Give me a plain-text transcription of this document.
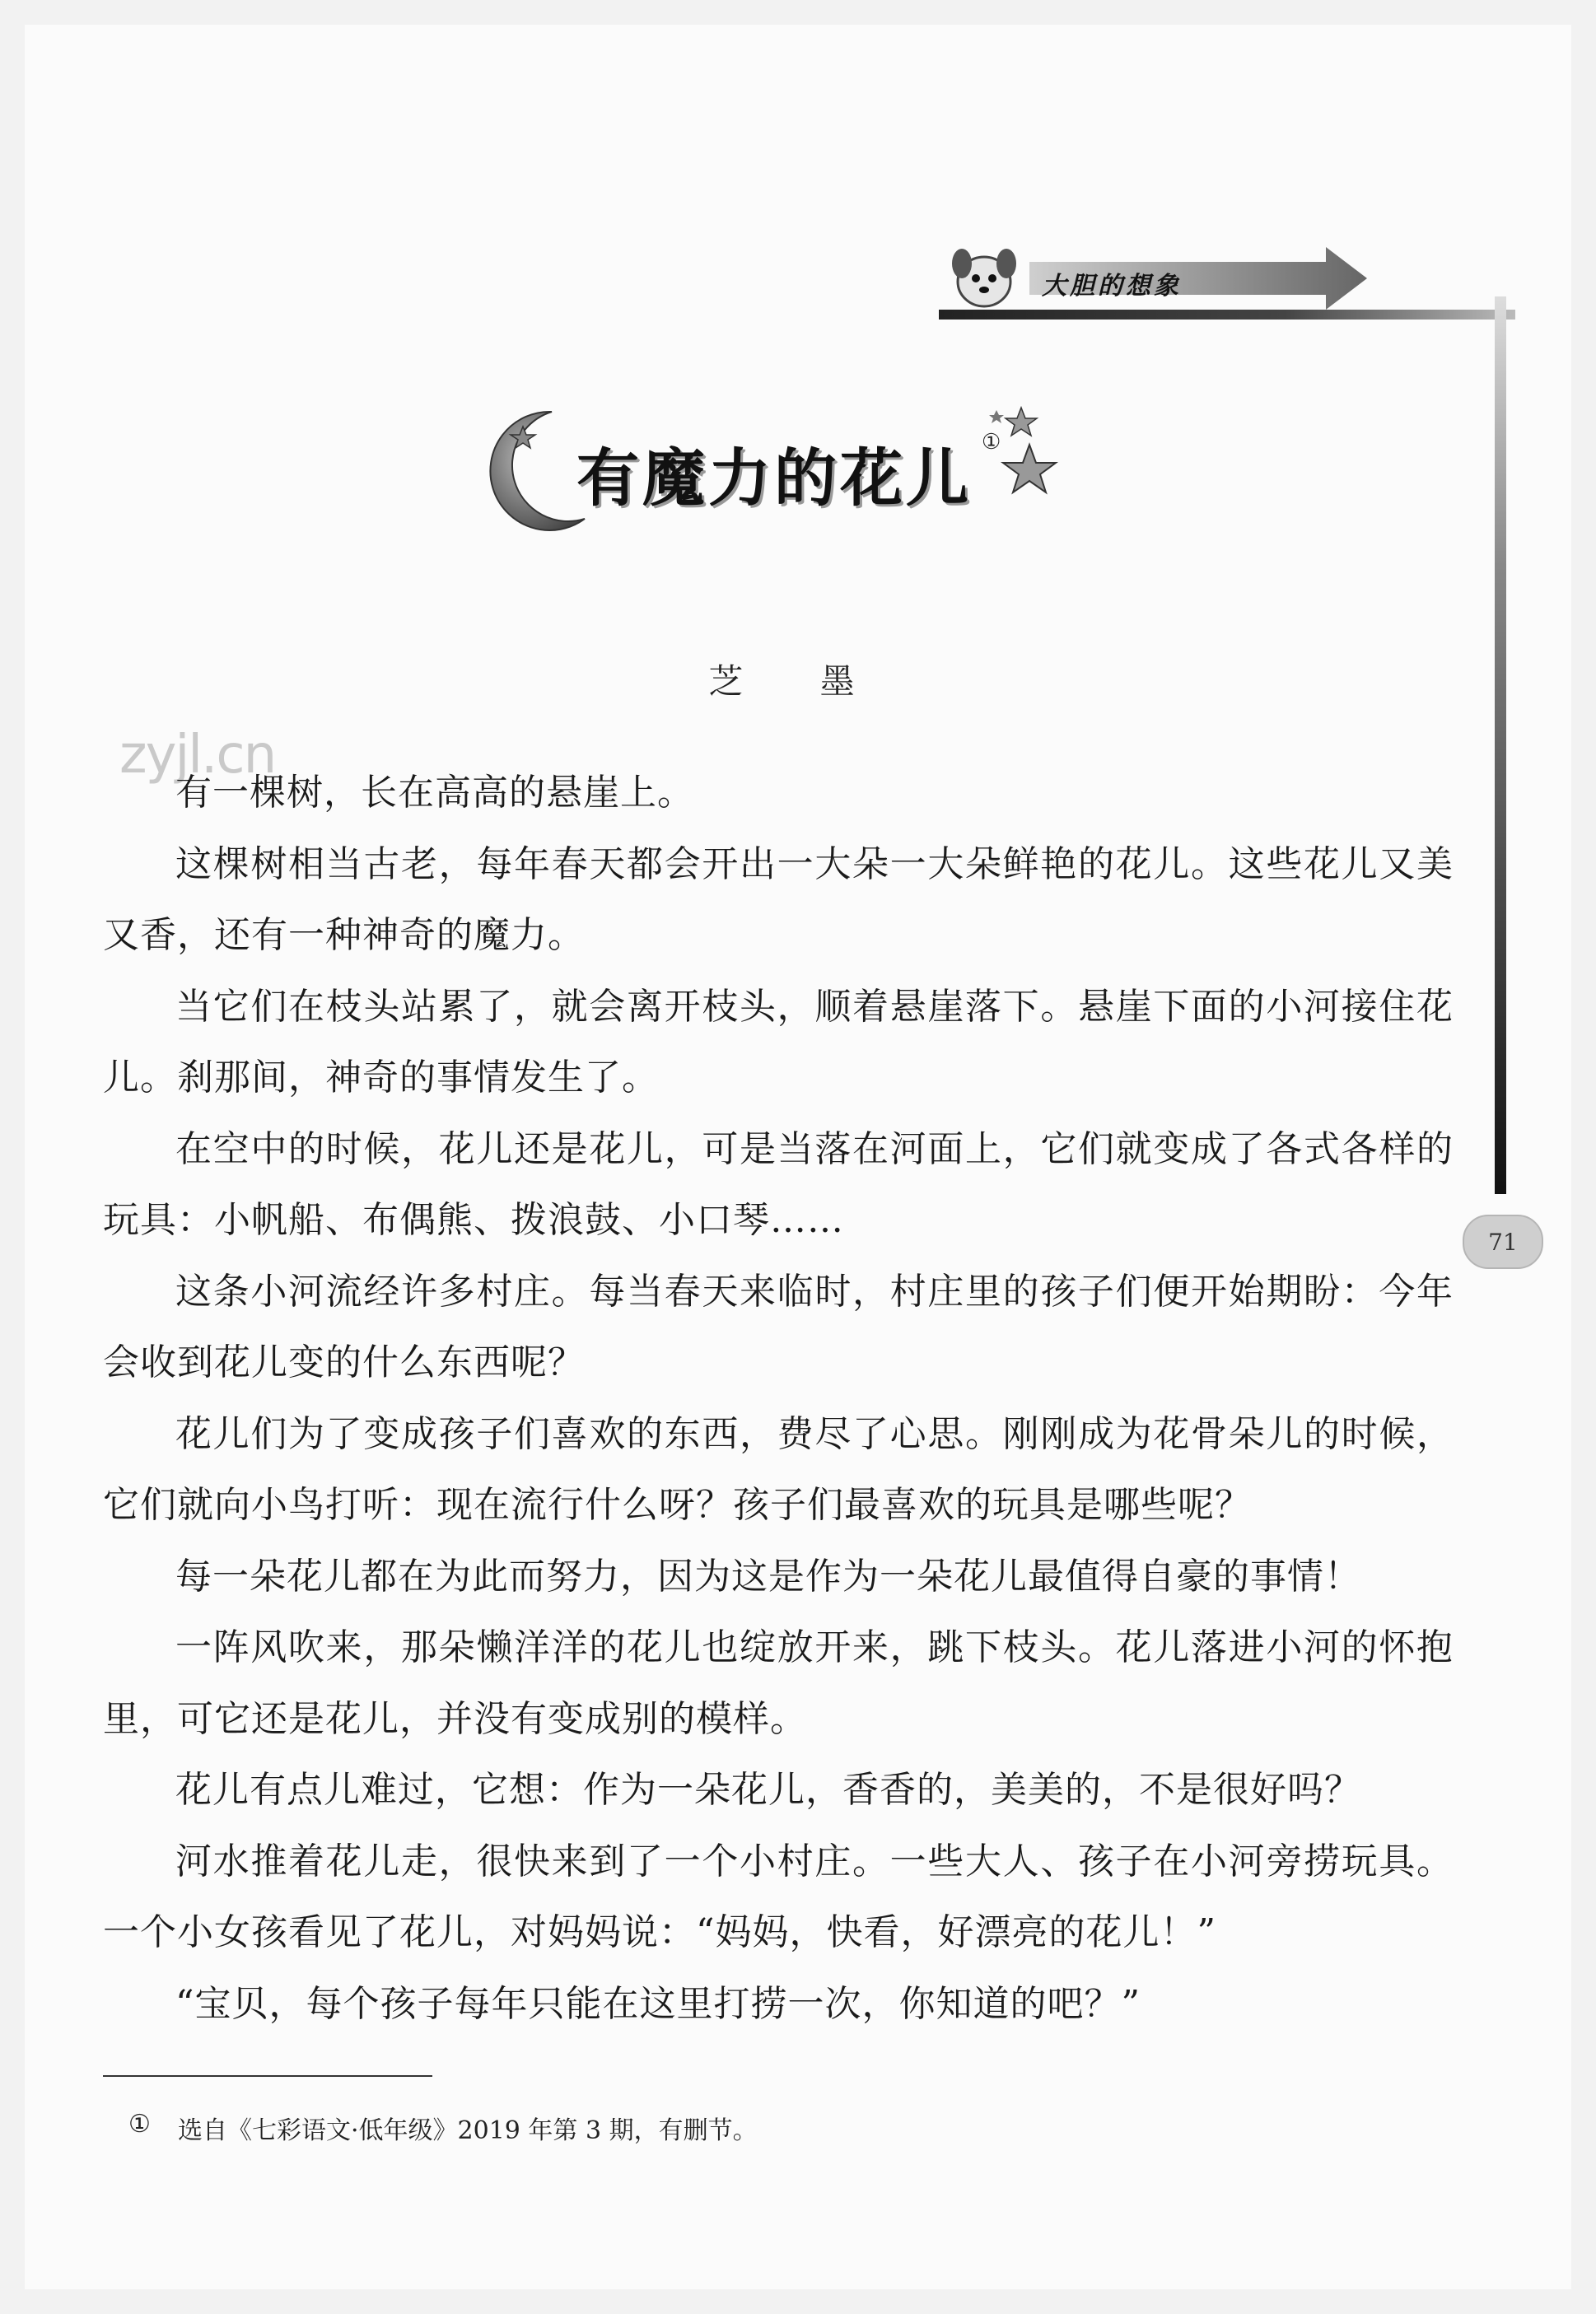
大胆的想象
71
有魔力的花儿 ①
芝 墨
zyjl.cn

有一棵树，长在高高的悬崖上。

这棵树相当古老，每年春天都会开出一大朵一大朵鲜艳的花儿。这些花儿又美又香，还有一种神奇的魔力。

当它们在枝头站累了，就会离开枝头，顺着悬崖落下。悬崖下面的小河接住花儿。刹那间，神奇的事情发生了。

在空中的时候，花儿还是花儿，可是当落在河面上，它们就变成了各式各样的玩具：小帆船、布偶熊、拨浪鼓、小口琴……

这条小河流经许多村庄。每当春天来临时，村庄里的孩子们便开始期盼：今年会收到花儿变的什么东西呢？

花儿们为了变成孩子们喜欢的东西，费尽了心思。刚刚成为花骨朵儿的时候，它们就向小鸟打听：现在流行什么呀？孩子们最喜欢的玩具是哪些呢？

每一朵花儿都在为此而努力，因为这是作为一朵花儿最值得自豪的事情！

一阵风吹来，那朵懒洋洋的花儿也绽放开来，跳下枝头。花儿落进小河的怀抱里，可它还是花儿，并没有变成别的模样。

花儿有点儿难过，它想：作为一朵花儿，香香的，美美的，不是很好吗？

河水推着花儿走，很快来到了一个小村庄。一些大人、孩子在小河旁捞玩具。一个小女孩看见了花儿，对妈妈说：“妈妈，快看，好漂亮的花儿！”

“宝贝，每个孩子每年只能在这里打捞一次，你知道的吧？”

① 选自《七彩语文·低年级》2019 年第 3 期，有删节。
